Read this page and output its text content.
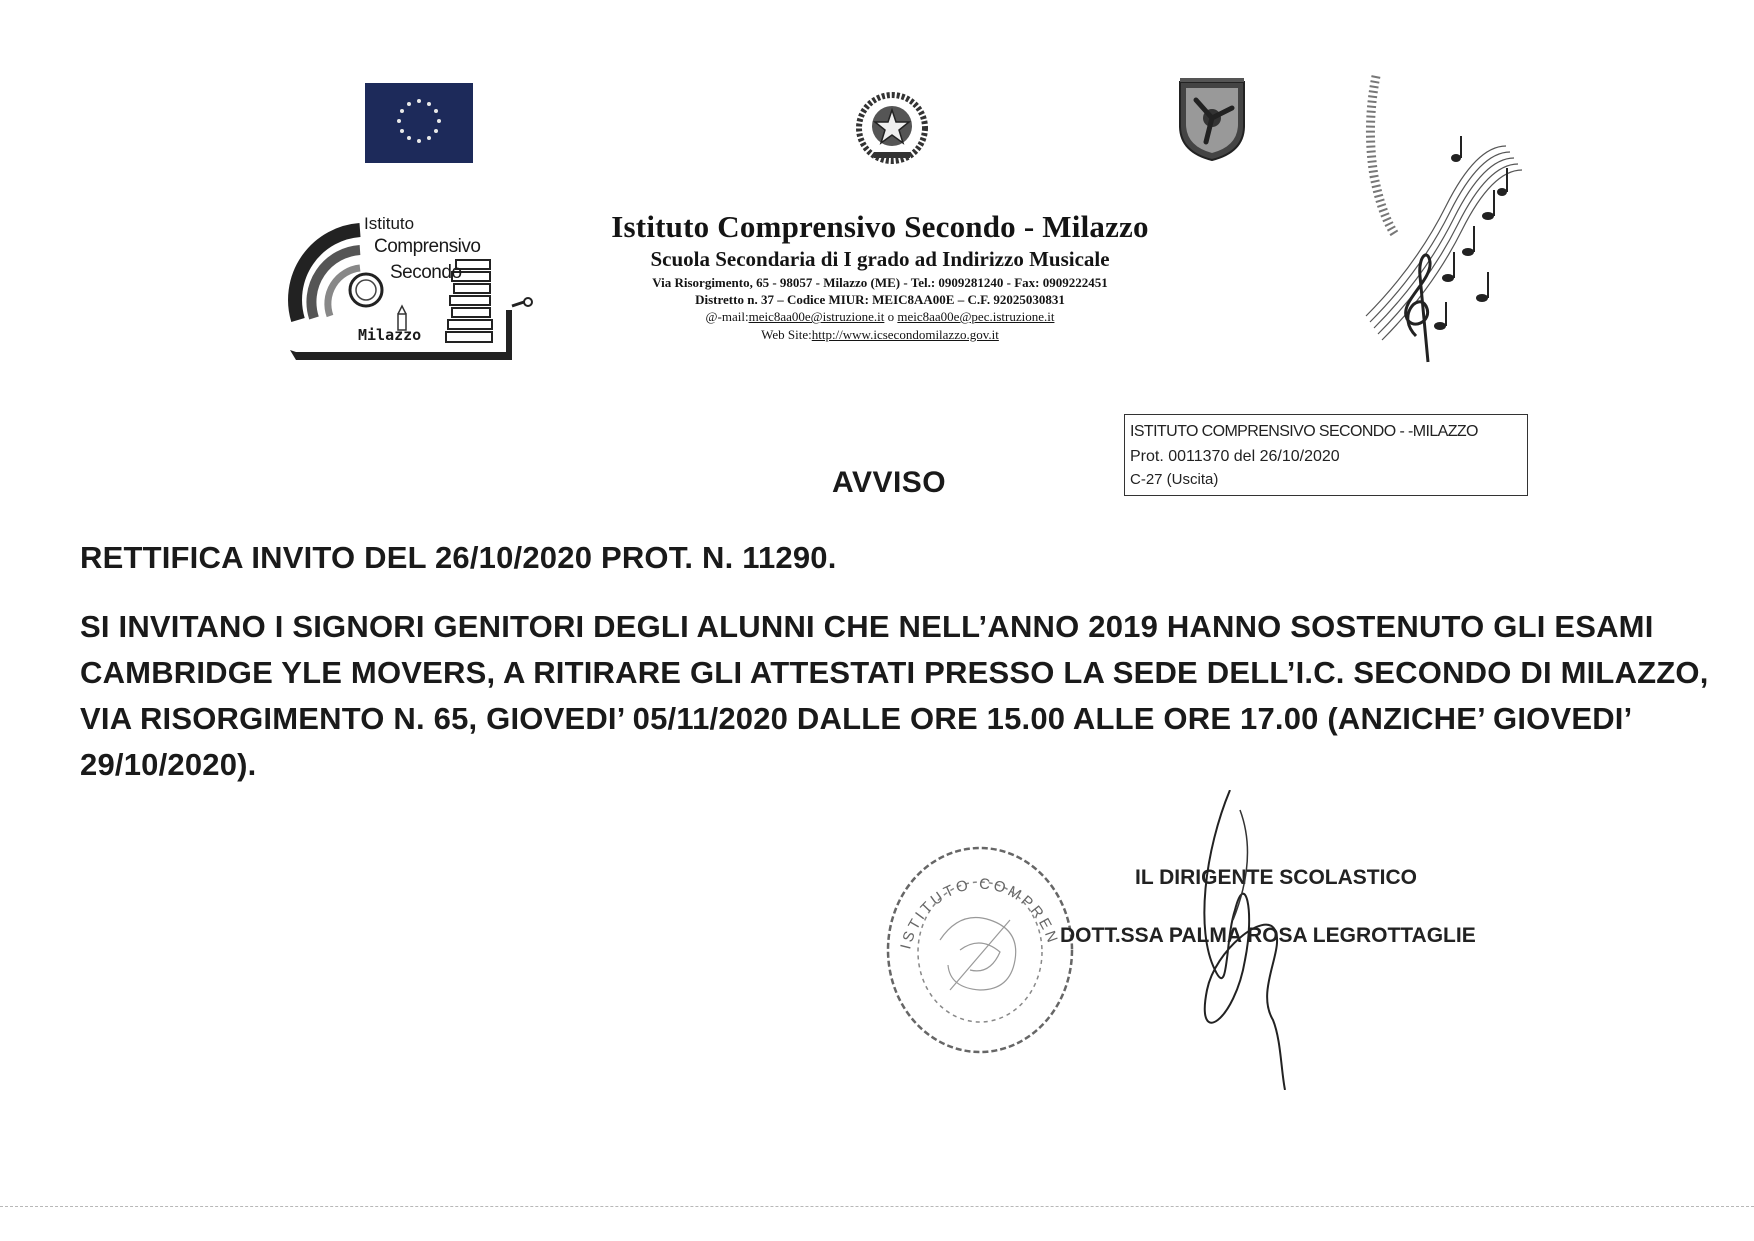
Istituto
Comprensivo
Secondo
Milazzo
Istituto Comprensivo Secondo - Milazzo
Scuola Secondaria di I grado ad Indirizzo Musicale
Via Risorgimento, 65 - 98057 - Milazzo (ME) - Tel.: 0909281240 - Fax: 0909222451
Distretto n. 37 – Codice MIUR: MEIC8AA00E – C.F. 92025030831
@-mail:meic8aa00e@istruzione.it o meic8aa00e@pec.istruzione.it
Web Site:http://www.icsecondomilazzo.gov.it
ISTITUTO COMPRENSIVO SECONDO - -MILAZZO
Prot. 0011370 del 26/10/2020
C-27 (Uscita)
AVVISO
RETTIFICA INVITO DEL 26/10/2020 PROT. N. 11290.
SI INVITANO I SIGNORI GENITORI DEGLI ALUNNI CHE NELL’ANNO 2019 HANNO SOSTENUTO GLI ESAMI
CAMBRIDGE YLE MOVERS, A RITIRARE GLI ATTESTATI PRESSO LA SEDE DELL’I.C. SECONDO DI MILAZZO,
VIA RISORGIMENTO N. 65, GIOVEDI’ 05/11/2020 DALLE ORE 15.00 ALLE ORE 17.00 (ANZICHE’ GIOVEDI’
29/10/2020).
ISTITUTO COMPREN
IL DIRIGENTE SCOLASTICO
DOTT.SSA PALMA ROSA LEGROTTAGLIE
